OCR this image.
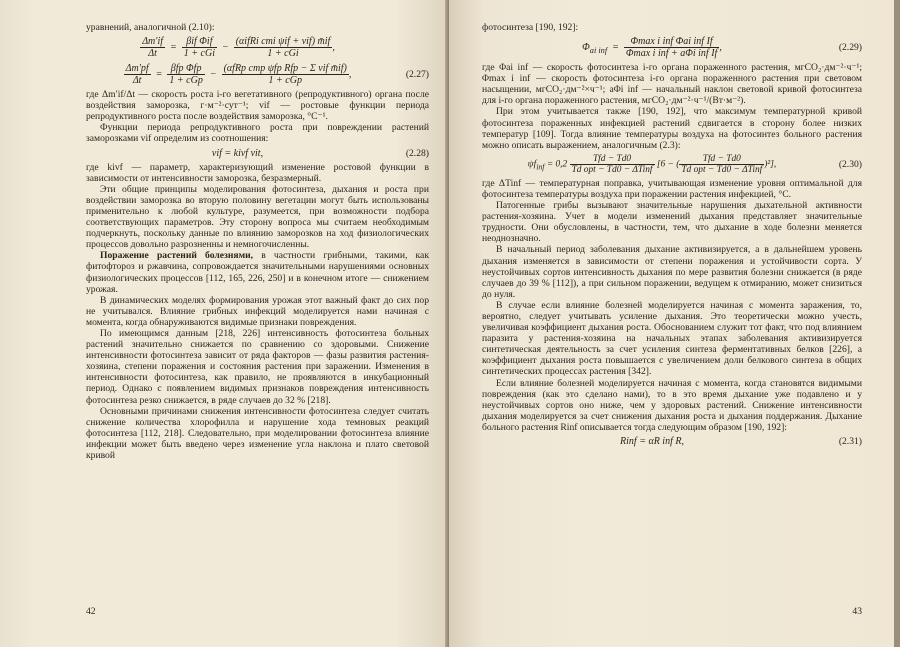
уравнений, аналогичной (2.10):

$\frac{\Delta m'if}{\Delta t} = \frac{\text{βif Φif}}{\text{1 + cGi}} - \frac{\text{(αifRi cmi ψif + vif) m̄if}}{\text{1 + cGi}}$ ,
$\frac{\Delta m'pf}{\Delta t} = \frac{\text{βfp Φfp}}{\text{1 + cGp}} - \frac{\text{(αfRp cmp ψfp Rfp − Σ vif m̄if)}}{\text{1 + cGp}}$ ,	(2.27)

где Δm′if/Δt — скорость роста i-го вегетативного (репродуктивного) органа после воздействия заморозка, г·м⁻²·сут⁻¹; vif — ростовые функции периода репродуктивного роста после воздействия заморозка, °C⁻¹.

Функции периода репродуктивного роста при повреждении растений заморозками vif определим из соотношения:

vif = kivf vit,	(2.28)

где kivf — параметр, характеризующий изменение ростовой функции в зависимости от интенсивности заморозка, безразмерный.

Эти общие принципы моделирования фотосинтеза, дыхания и роста при воздействии заморозка во вторую половину вегетации могут быть использованы применительно к любой культуре, разумеется, при возможности подбора соответствующих параметров. Эту сторону вопроса мы считаем необходимым подчеркнуть, поскольку данные по влиянию заморозков на ход физиологических процессов довольно разрозненны и немногочисленны.

Поражение растений болезнями, в частности грибными, такими, как фитофтороз и ржавчина, сопровождается значительными нарушениями основных физиологических процессов [112, 165, 226, 250] и в конечном итоге — снижением урожая.

В динамических моделях формирования урожая этот важный факт до сих пор не учитывался. Влияние грибных инфекций моделируется нами начиная с момента, когда обнаруживаются видимые признаки повреждения.

По имеющимся данным [218, 226] интенсивность фотосинтеза больных растений значительно снижается по сравнению со здоровыми. Снижение интенсивности фотосинтеза зависит от ряда факторов — фазы развития растения-хозяина, степени поражения и состояния растения при заражении. Изменения в интенсивности фотосинтеза, как правило, не проявляются в инкубационный период. Однако с появлением видимых признаков повреждения интенсивность фотосинтеза резко снижается, в ряде случаев до 32 % [218].

Основными причинами снижения интенсивности фотосинтеза следует считать снижение количества хлорофилла и нарушение хода темновых реакций фотосинтеза [112, 218]. Следовательно, при моделировании фотосинтеза влияние инфекции может быть введено через изменение угла наклона и плато световой кривой

42

фотосинтеза [190, 192]:

$\Phi_{ai inf} = \frac{\text{Φmax i inf Φai inf If}}{\text{Φmax i inf + aΦi inf If}}$ ,	(2.29)

где Φai inf — скорость фотосинтеза i-го органа пораженного растения, мгCO₂·дм⁻²·ч⁻¹; Φmax i inf — скорость фотосинтеза i-го органа пораженного растения при световом насыщении, мгCO₂·дм⁻²×ч⁻¹; aΦi inf — начальный наклон световой кривой фотосинтеза для i-го органа пораженного растения, мгCO₂·дм⁻²·ч⁻¹/(Вт·м⁻²).

При этом учитывается также [190, 192], что максимум температурной кривой фотосинтеза пораженных инфекцией растений сдвигается в сторону более низких температур [109]. Тогда влияние температуры воздуха на фотосинтез больного растения можно описать выражением, аналогичным (2.3):

$\psi f_{inf} = 0,2 \frac{\text{Tfd − Td0}}{\text{Td opt − Td0 − ΔTinf}} [6$ − ( $\frac{\text{Tfd − Td0}}{\text{Td opt − Td0 − ΔTinf}} )^2$],	(2.30)

где ΔTinf — температурная поправка, учитывающая изменение уровня оптимальной для фотосинтеза температуры воздуха при поражении растения инфекцией, °C.

Патогенные грибы вызывают значительные нарушения дыхательной активности растения-хозяина. Учет в модели изменений дыхания представляет значительные трудности. Они обусловлены, в частности, тем, что дыхание в ходе болезни меняется неоднозначно.

В начальный период заболевания дыхание активизируется, а в дальнейшем уровень дыхания изменяется в зависимости от степени поражения и устойчивости сорта. У неустойчивых сортов интенсивность дыхания по мере развития болезни снижается (в ряде случаев до 39 % [112]), а при сильном поражении, ведущем к отмиранию, может снизиться до нуля.

В случае если влияние болезней моделируется начиная с момента заражения, то, вероятно, следует учитывать усиление дыхания. Это теоретически можно учесть, увеличивая коэффициент дыхания роста. Обоснованием служит тот факт, что под влиянием паразита у растения-хозяина на начальных этапах заболевания активизируется синтетическая деятельность за счет усиления синтеза ферментативных белков [226], а коэффициент дыхания роста повышается с увеличением доли белкового синтеза в общих синтетических процессах растения [342].

Если влияние болезней моделируется начиная с момента, когда становятся видимыми повреждения (как это сделано нами), то в это время дыхание уже подавлено и у неустойчивых сортов оно ниже, чем у здоровых растений. Снижение интенсивности дыхания моделируется за счет снижения дыхания роста и дыхания поддержания. Дыхание больного растения Rinf описывается тогда следующим образом [190, 192]:

Rinf = αR inf R,	(2.31)
43
